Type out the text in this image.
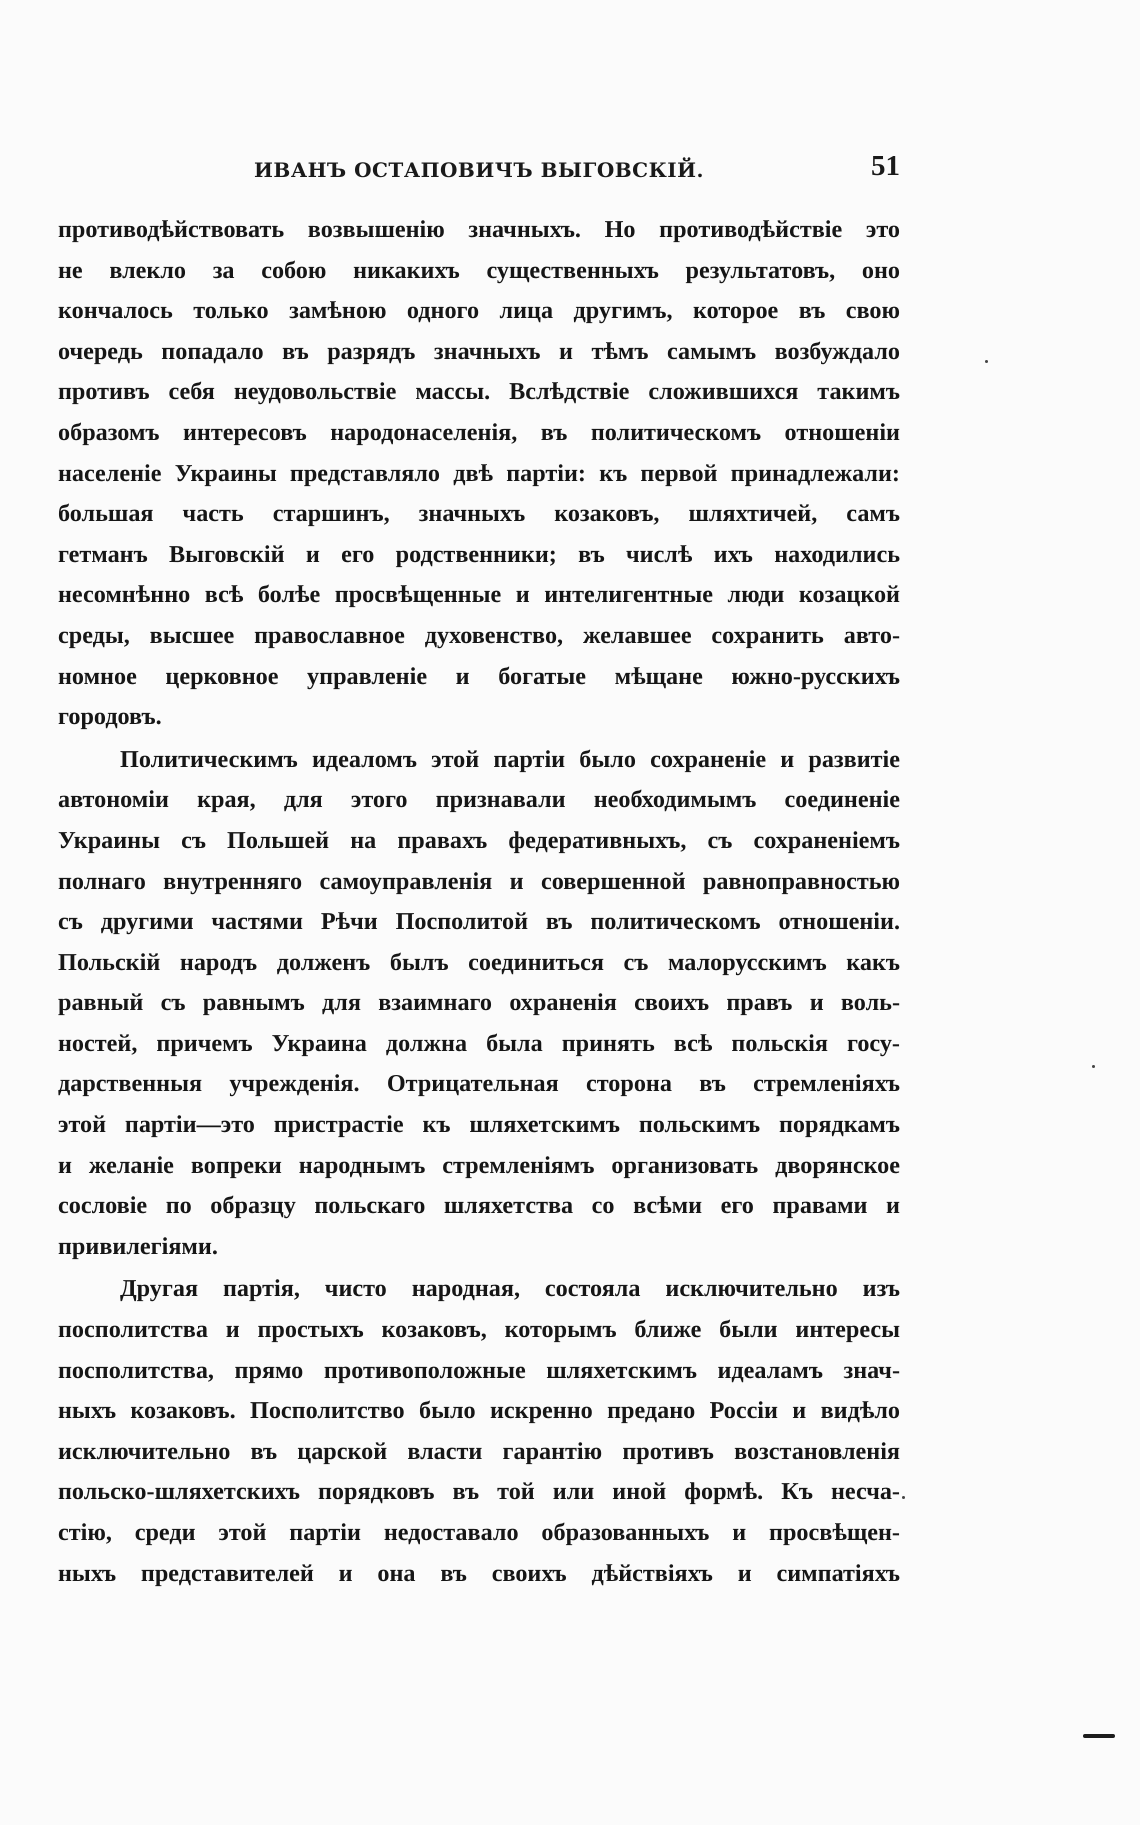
ИВАНЪ ОСТАПОВИЧЪ ВЫГОВСКІЙ.	51

противодѣйствовать возвышенію значныхъ. Но противодѣйствіе это
не влекло за собою никакихъ существенныхъ результатовъ, оно
кончалось только замѣною одного лица другимъ, которое въ свою
очередь попадало въ разрядъ значныхъ и тѣмъ самымъ возбуждало
противъ себя неудовольствіе массы. Вслѣдствіе сложившихся такимъ
образомъ интересовъ народонаселенія, въ политическомъ отношеніи
населеніе Украины представляло двѣ партіи: къ первой принадлежали:
большая часть старшинъ, значныхъ козаковъ, шляхтичей, самъ
гетманъ Выговскій и его родственники; въ числѣ ихъ находились
несомнѣнно всѣ болѣе просвѣщенные и интелигентные люди козацкой
среды, высшее православное духовенство, желавшее сохранить авто-
номное церковное управленіе и богатые мѣщане южно-русскихъ
городовъ.

Политическимъ идеаломъ этой партіи было сохраненіе и развитіе
автономіи края, для этого признавали необходимымъ соединеніе
Украины съ Польшей на правахъ федеративныхъ, съ сохраненіемъ
полнаго внутренняго самоуправленія и совершенной равноправностью
съ другими частями Рѣчи Посполитой въ политическомъ отношеніи.
Польскій народъ долженъ былъ соединиться съ малорусскимъ какъ
равный съ равнымъ для взаимнаго охраненія своихъ правъ и воль-
ностей, причемъ Украина должна была принять всѣ польскія госу-
дарственныя учрежденія. Отрицательная сторона въ стремленіяхъ
этой партіи—это пристрастіе къ шляхетскимъ польскимъ порядкамъ
и желаніе вопреки народнымъ стремленіямъ организовать дворянское
сословіе по образцу польскаго шляхетства со всѣми его правами и
привилегіями.

Другая партія, чисто народная, состояла исключительно изъ
посполитства и простыхъ козаковъ, которымъ ближе были интересы
посполитства, прямо противоположные шляхетскимъ идеаламъ знач-
ныхъ козаковъ. Посполитство было искренно предано Россіи и видѣло
исключительно въ царской власти гарантію противъ возстановленія
польско-шляхетскихъ порядковъ въ той или иной формѣ. Къ несча-
стію, среди этой партіи недоставало образованныхъ и просвѣщен-
ныхъ представителей и она въ своихъ дѣйствіяхъ и симпатіяхъ
